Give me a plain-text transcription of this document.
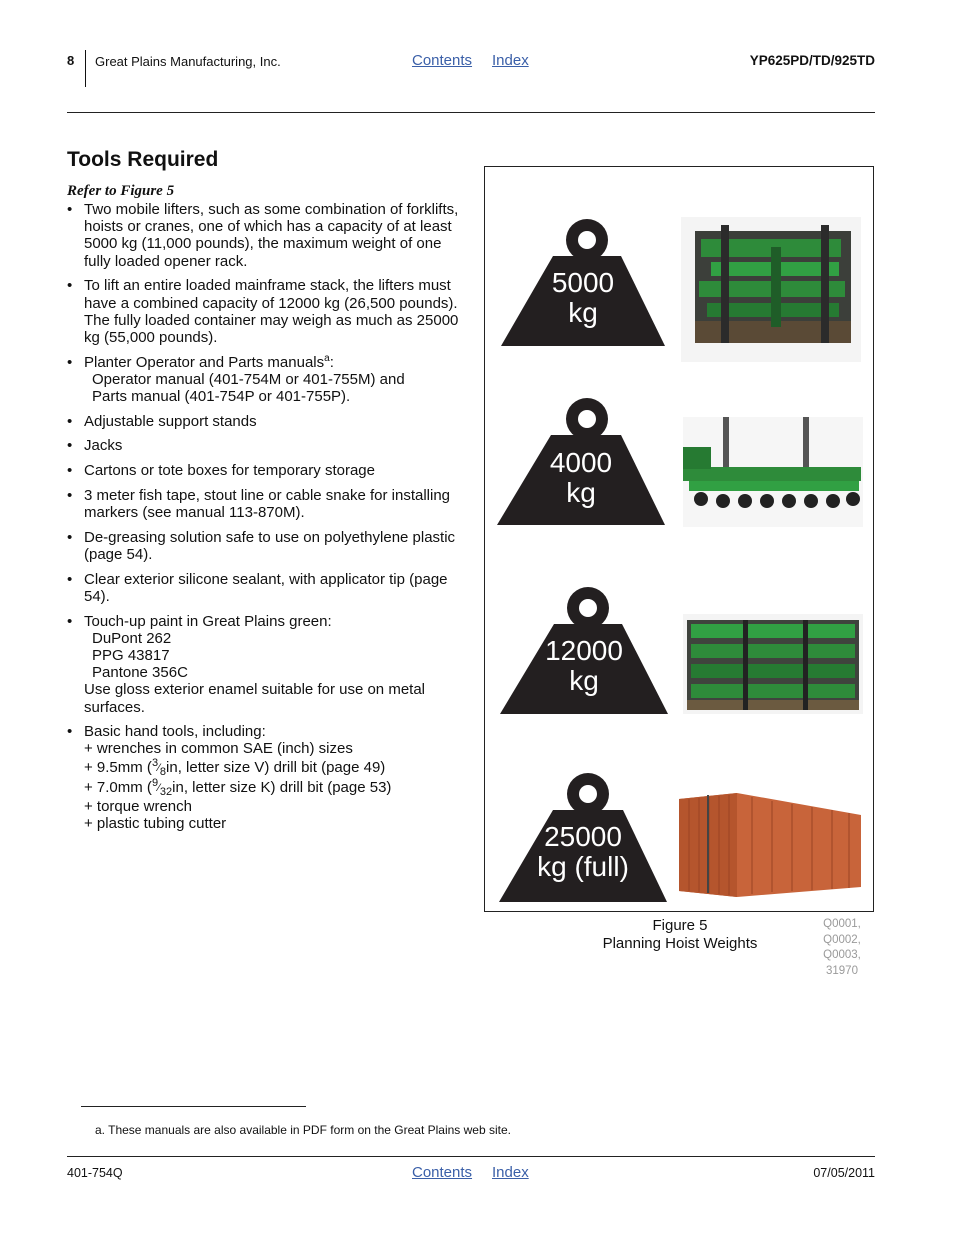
8 Great Plains Manufacturing, Inc.	Contents Index	YP625PD/TD/925TD
Tools Required
Refer to Figure 5
• Two mobile lifters, such as some combination of forklifts, hoists or cranes, one of which has a capacity of at least 5000 kg (11,000 pounds), the maximum weight of one fully loaded opener rack.
• To lift an entire loaded mainframe stack, the lifters must have a combined capacity of 12000 kg (26,500 pounds). The fully loaded container may weigh as much as 25000 kg (55,000 pounds).
• Planter Operator and Parts manuals$^a$:
Operator manual (401-754M or 401-755M) and
Parts manual (401-754P or 401-755P).
• Adjustable support stands
• Jacks
• Cartons or tote boxes for temporary storage
• 3 meter fish tape, stout line or cable snake for installing markers (see manual 113-870M).
• De-greasing solution safe to use on polyethylene plastic (page 54).
• Clear exterior silicone sealant, with applicator tip (page 54).
• Touch-up paint in Great Plains green:
DuPont 262
PPG 43817
Pantone 356C
Use gloss exterior enamel suitable for use on metal surfaces.
• Basic hand tools, including:
+ wrenches in common SAE (inch) sizes
+ 9.5mm (3⁄8in, letter size V) drill bit (page 49)
+ 7.0mm (9⁄32in, letter size K) drill bit (page 53)
+ torque wrench
+ plastic tubing cutter
5000
kg
4000
kg
12000
kg
25000
kg (full)
Figure 5
Planning Hoist Weights
Q0001,
Q0002,
Q0003,
31970
a. These manuals are also available in PDF form on the Great Plains web site.
401-754Q	Contents Index	07/05/2011
